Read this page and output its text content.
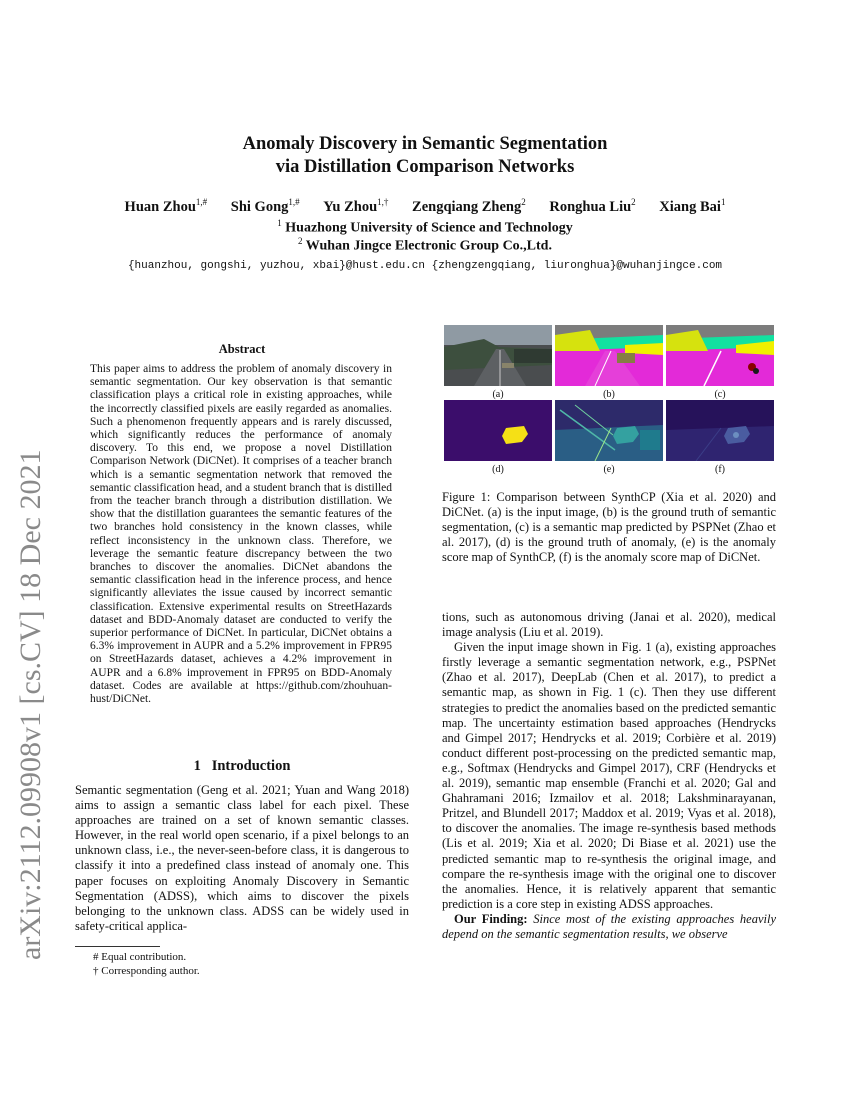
arXiv:2112.09908v1 [cs.CV] 18 Dec 2021
Anomaly Discovery in Semantic Segmentation
via Distillation Comparison Networks
Huan Zhou$^{1,\#}$ Shi Gong$^{1,\#}$ Yu Zhou$^{1,\dagger}$ Zengqiang Zheng$^2$ Ronghua Liu$^2$ Xiang Bai$^1$
$^1$ Huazhong University of Science and Technology
$^2$ Wuhan Jingce Electronic Group Co.,Ltd.
{huanzhou, gongshi, yuzhou, xbai}@hust.edu.cn {zhengzengqiang, liuronghua}@wuhanjingce.com
Abstract
This paper aims to address the problem of anomaly discovery in semantic segmentation. Our key observation is that semantic classification plays a critical role in existing approaches, while the incorrectly classified pixels are easily regarded as anomalies. Such a phenomenon frequently appears and is rarely discussed, which significantly reduces the performance of anomaly discovery. To this end, we propose a novel Distillation Comparison Network (DiCNet). It comprises of a teacher branch which is a semantic segmentation network that removed the semantic classification head, and a student branch that is distilled from the teacher branch through a distribution distillation. We show that the distillation guarantees the semantic features of the two branches hold consistency in the known classes, while reflect inconsistency in the unknown class. Therefore, we leverage the semantic feature discrepancy between the two branches to discover the anomalies. DiCNet abandons the semantic classification head in the inference process, and hence significantly alleviates the issue caused by incorrect semantic classification. Extensive experimental results on StreetHazards dataset and BDD-Anomaly dataset are conducted to verify the superior performance of DiCNet. In particular, DiCNet obtains a 6.3% improvement in AUPR and a 5.2% improvement in FPR95 on StreetHazards dataset, achieves a 4.2% improvement in AUPR and a 6.8% improvement in FPR95 on BDD-Anomaly dataset. Codes are available at https://github.com/zhouhuan-hust/DiCNet.
1 Introduction
Semantic segmentation (Geng et al. 2021; Yuan and Wang 2018) aims to assign a semantic class label for each pixel. These approaches are trained on a set of known semantic classes. However, in the real world open scenario, if a pixel belongs to an unknown class, i.e., the never-seen-before class, it is dangerous to classify it into a predefined class instead of anomaly one. This paper focuses on exploiting Anomaly Discovery in Semantic Segmentation (ADSS), which aims to discover the pixels belonging to the unknown class. ADSS can be widely used in safety-critical applica-
# Equal contribution.
† Corresponding author.
(a)	(b)	(c)
(d)	(e)	(f)
Figure 1: Comparison between SynthCP (Xia et al. 2020) and DiCNet. (a) is the input image, (b) is the ground truth of semantic segmentation, (c) is a semantic map predicted by PSPNet (Zhao et al. 2017), (d) is the ground truth of anomaly, (e) is the anomaly score map of SynthCP, (f) is the anomaly score map of DiCNet.

tions, such as autonomous driving (Janai et al. 2020), medical image analysis (Liu et al. 2019).

Given the input image shown in Fig. 1 (a), existing approaches firstly leverage a semantic segmentation network, e.g., PSPNet (Zhao et al. 2017), DeepLab (Chen et al. 2017), to predict a semantic map, as shown in Fig. 1 (c). Then they use different strategies to predict the anomalies based on the predicted semantic map. The uncertainty estimation based approaches (Hendrycks and Gimpel 2017; Hendrycks et al. 2019; Corbière et al. 2019) conduct different post-processing on the predicted semantic map, e.g., Softmax (Hendrycks and Gimpel 2017), CRF (Hendrycks et al. 2019), semantic map ensemble (Franchi et al. 2020; Gal and Ghahramani 2016; Izmailov et al. 2018; Lakshminarayanan, Pritzel, and Blundell 2017; Maddox et al. 2019; Vyas et al. 2018), to discover the anomalies. The image re-synthesis based methods (Lis et al. 2019; Xia et al. 2020; Di Biase et al. 2021) use the predicted semantic map to re-synthesis the original image, and compare the re-synthesis image with the original one to discover the anomalies. Hence, it is relatively apparent that semantic prediction is a core step in existing ADSS approaches.

Our Finding: Since most of the existing approaches heavily depend on the semantic segmentation results, we observe
